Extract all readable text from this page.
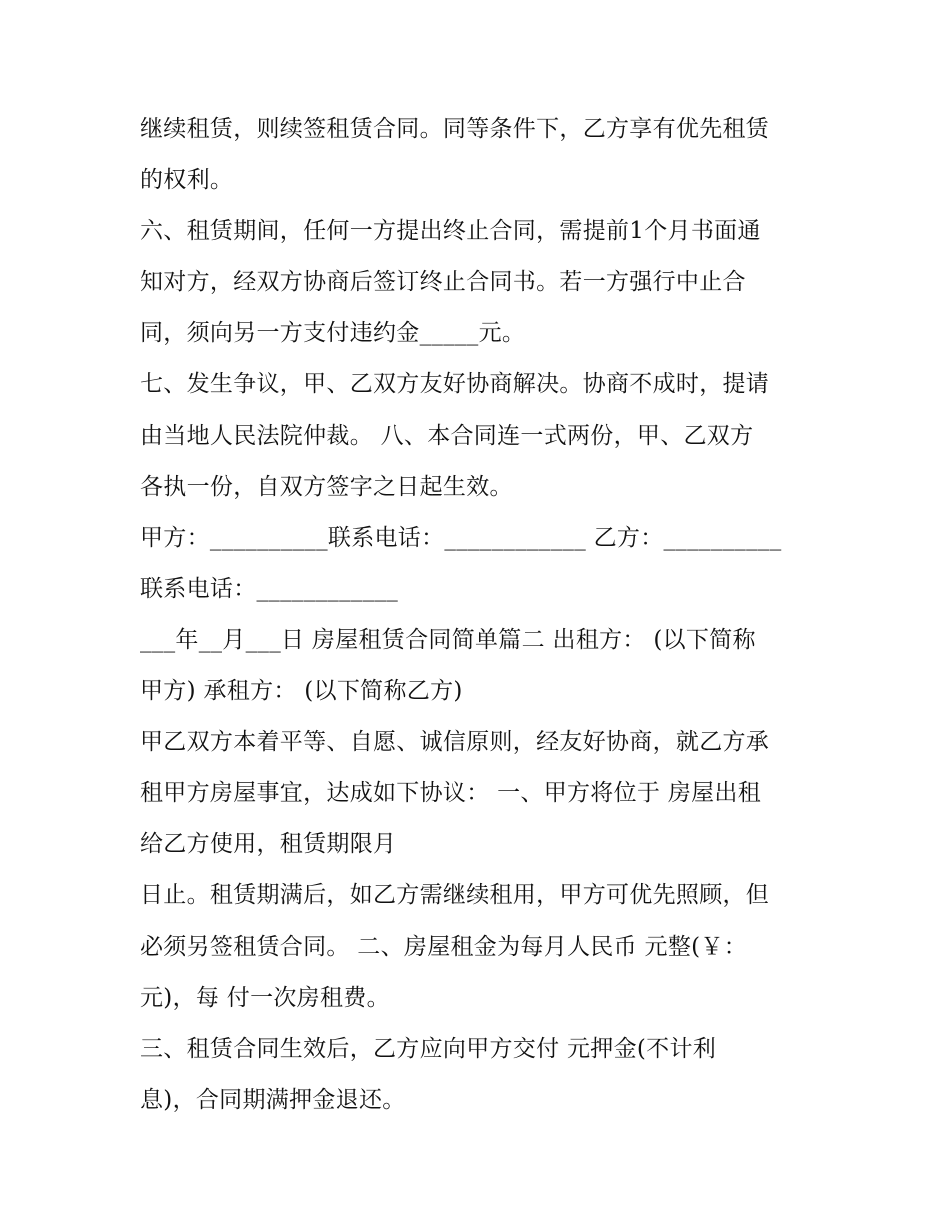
继续租赁，则续签租赁合同。同等条件下，乙方享有优先租赁
的权利。
六、租赁期间，任何一方提出终止合同，需提前1个月书面通
知对方，经双方协商后签订终止合同书。若一方强行中止合
同，须向另一方支付违约金_____元。
七、发生争议，甲、乙双方友好协商解决。协商不成时，提请
由当地人民法院仲裁。 八、本合同连一式两份，甲、乙双方
各执一份，自双方签字之日起生效。
甲方：__________联系电话：____________ 乙方：__________
联系电话：____________
___年__月___日 房屋租赁合同简单篇二 出租方： (以下简称
甲方) 承租方： (以下简称乙方)
甲乙双方本着平等、自愿、诚信原则，经友好协商，就乙方承
租甲方房屋事宜，达成如下协议： 一、甲方将位于 房屋出租
给乙方使用，租赁期限月
日止。租赁期满后，如乙方需继续租用，甲方可优先照顾，但
必须另签租赁合同。 二、房屋租金为每月人民币 元整(￥：
元)，每 付一次房租费。
三、租赁合同生效后，乙方应向甲方交付 元押金(不计利
息)，合同期满押金退还。
